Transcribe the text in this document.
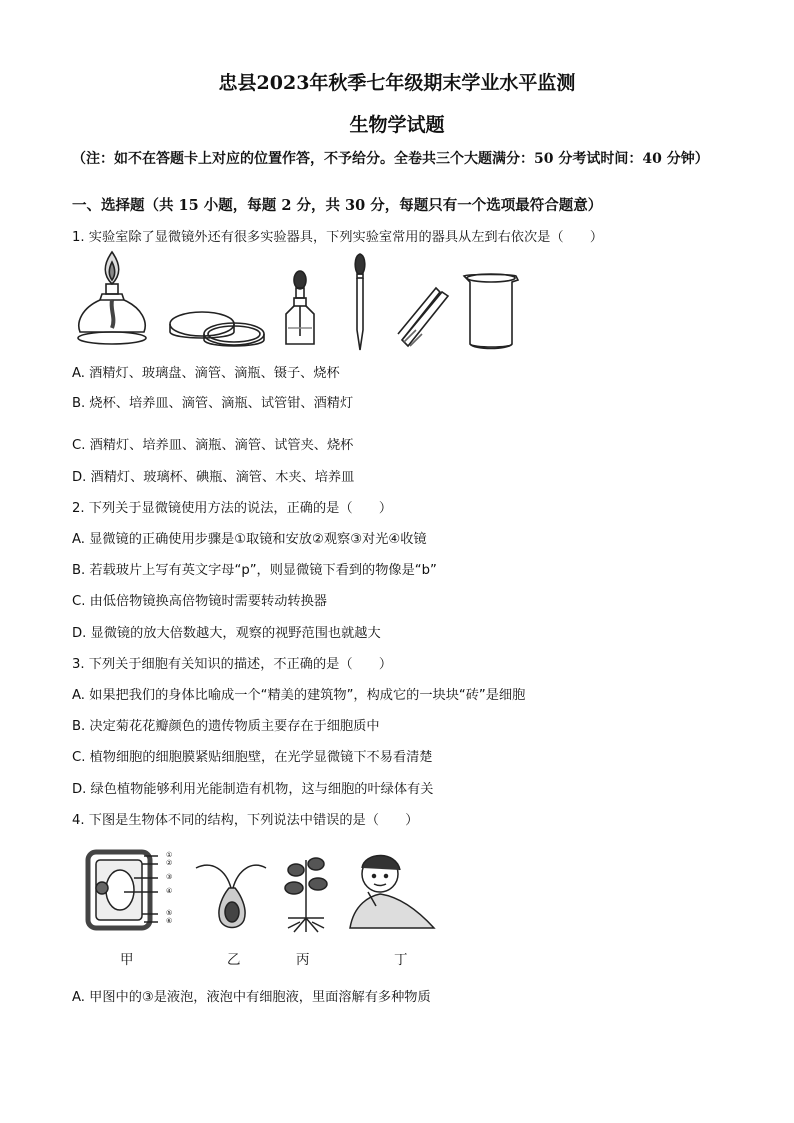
忠县2023年秋季七年级期末学业水平监测
生物学试题
（注：如不在答题卡上对应的位置作答，不予给分。全卷共三个大题满分：50 分考试时间：40 分钟）
一、选择题（共 15 小题，每题 2 分，共 30 分，每题只有一个选项最符合题意）
1. 实验室除了显微镜外还有很多实验器具，下列实验室常用的器具从左到右依次是（　　）
A. 酒精灯、玻璃盘、滴管、滴瓶、镊子、烧杯
B. 烧杯、培养皿、滴管、滴瓶、试管钳、酒精灯
C. 酒精灯、培养皿、滴瓶、滴管、试管夹、烧杯
D. 酒精灯、玻璃杯、碘瓶、滴管、木夹、培养皿
2. 下列关于显微镜使用方法的说法，正确的是（　　）
A. 显微镜的正确使用步骤是①取镜和安放②观察③对光④收镜
B. 若载玻片上写有英文字母“p”，则显微镜下看到的物像是“b”
C. 由低倍物镜换高倍物镜时需要转动转换器
D. 显微镜的放大倍数越大，观察的视野范围也就越大
3. 下列关于细胞有关知识的描述，不正确的是（　　）
A. 如果把我们的身体比喻成一个“精美的建筑物”，构成它的一块块“砖”是细胞
B. 决定菊花花瓣颜色的遗传物质主要存在于细胞质中
C. 植物细胞的细胞膜紧贴细胞壁，在光学显微镜下不易看清楚
D. 绿色植物能够利用光能制造有机物，这与细胞的叶绿体有关
4. 下图是生物体不同的结构，下列说法中错误的是（　　）
①
②
③
④
⑤
⑥
甲	乙	丙	丁
A. 甲图中的③是液泡，液泡中有细胞液，里面溶解有多种物质
